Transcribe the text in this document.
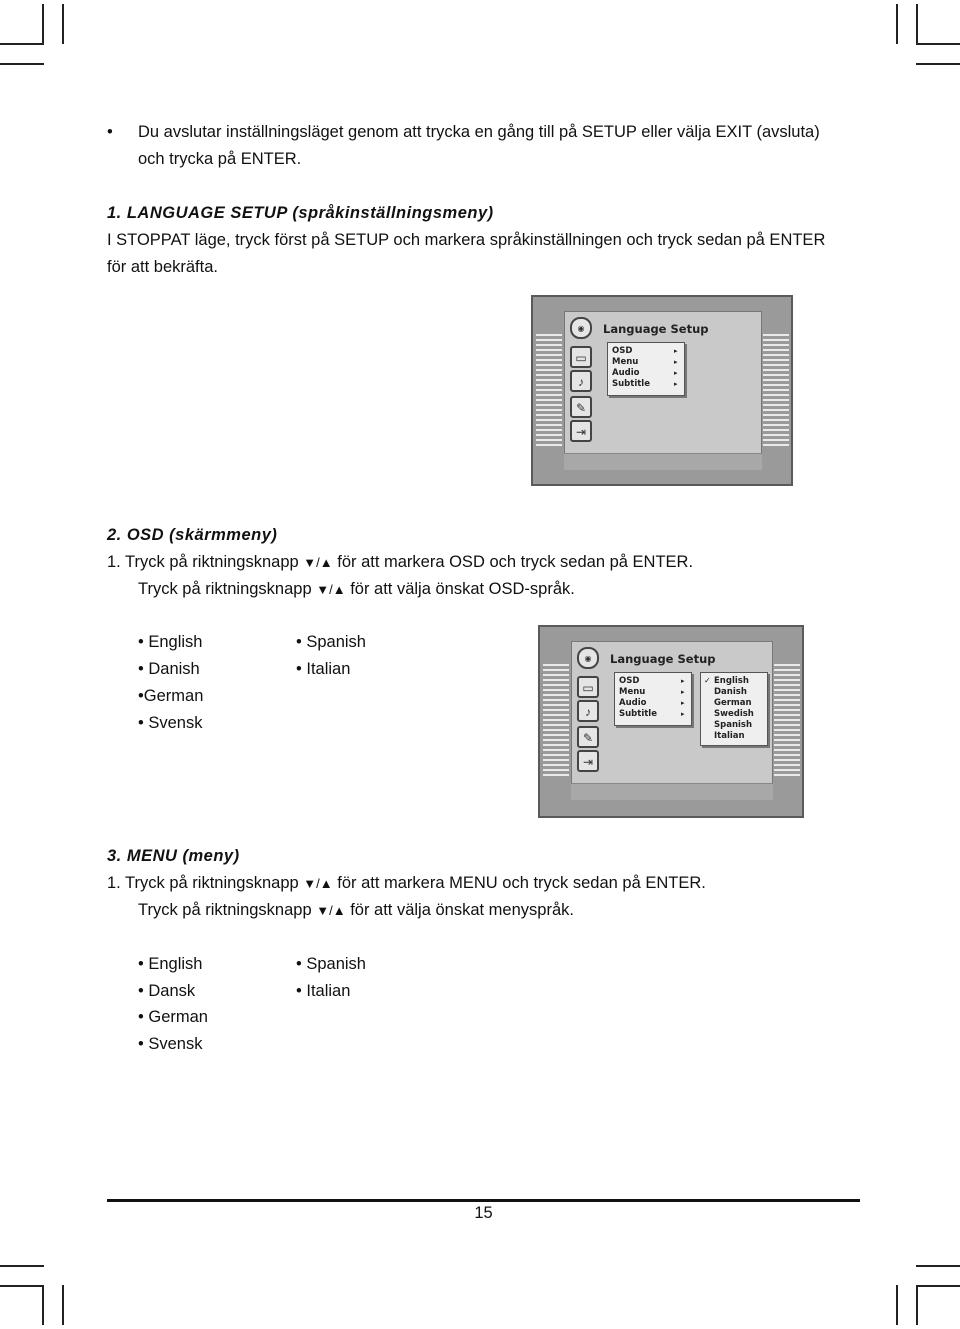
• Du avslutar inställningsläget genom att trycka en gång till på SETUP eller välja EXIT (avsluta)
och trycka på ENTER.
1. LANGUAGE SETUP (språkinställningsmeny)
I STOPPAT läge, tryck först på SETUP och markera språkinställningen och tryck sedan på ENTER
för att bekräfta.
◉	Language Setup
▭
♪
✎
⇥
OSD
Menu
Audio
Subtitle
▸
▸
▸
▸
2. OSD (skärmmeny)
1. Tryck på riktningsknapp ▼/▲ för att markera OSD och tryck sedan på ENTER.
Tryck på riktningsknapp ▼/▲ för att välja önskat OSD-språk.
• English
• Danish
•German
• Svensk
• Spanish
• Italian
◉	Language Setup
▭
♪
✎
⇥
OSD
Menu
Audio
Subtitle
▸
▸
▸
▸
✓ English
Danish
German
Swedish
Spanish
Italian
3. MENU (meny)
1. Tryck på riktningsknapp ▼/▲ för att markera MENU och tryck sedan på ENTER.
Tryck på riktningsknapp ▼/▲ för att välja önskat menyspråk.
• English
• Dansk
• German
• Svensk
• Spanish
• Italian
15
